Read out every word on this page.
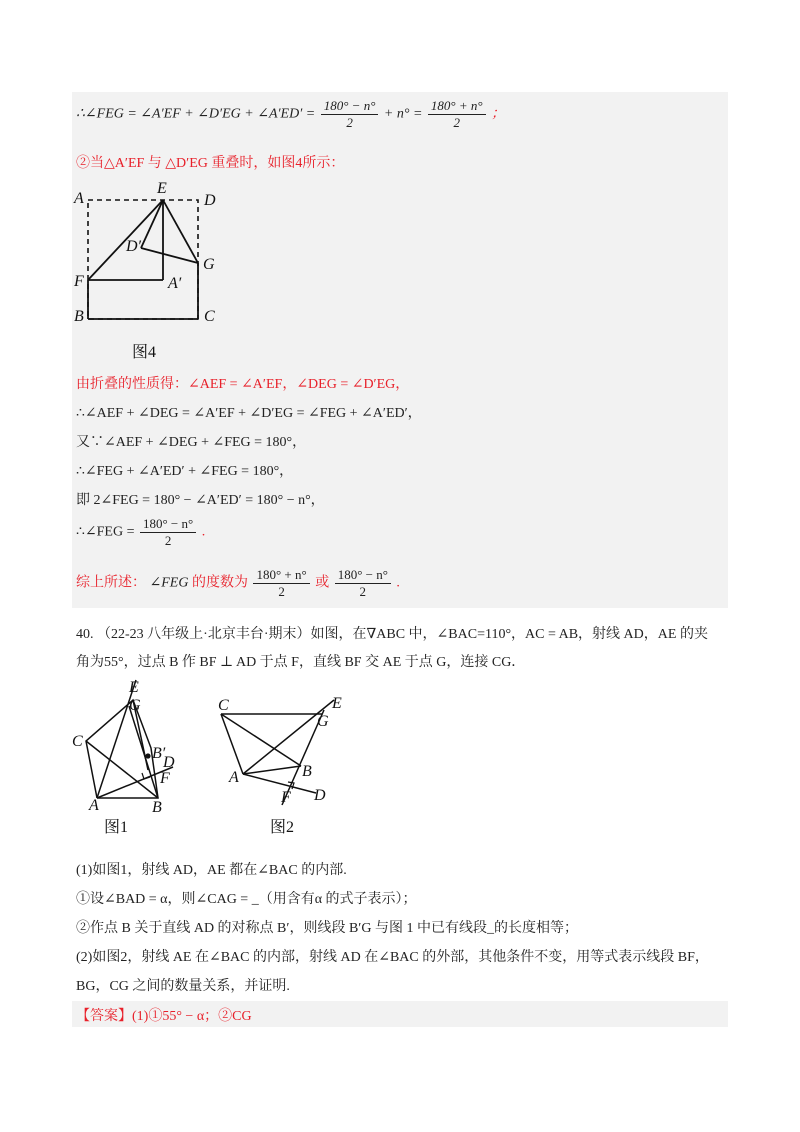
∴∠FEG = ∠A′EF + ∠D′EG + ∠A′ED′ = $\frac{180^\circ - n^\circ}{2} + n^\circ = \frac{180^\circ + n^\circ}{2}$ ；
②当△A′EF 与 △D′EG 重叠时，如图4所示：
A
E
D
D′
G
F	A′
B	C
图4
由折叠的性质得：∠AEF = ∠A′EF，∠DEG = ∠D′EG，
∴∠AEF + ∠DEG = ∠A′EF + ∠D′EG = ∠FEG + ∠A′ED′，
又∵∠AEF + ∠DEG + ∠FEG = 180°，
∴∠FEG + ∠A′ED′ + ∠FEG = 180°，
即 2∠FEG = 180° − ∠A′ED′ = 180° − n°，
∴∠FEG = $\frac{180^\circ - n^\circ}{2}$ .
综上所述： ∠FEG 的度数为 $\frac{180^\circ + n^\circ}{2}$ 或 $\frac{180^\circ - n^\circ}{2}$ .
40. （22-23 八年级上·北京丰台·期末）如图，在∇ABC 中，∠BAC=110°，AC = AB，射线 AD，AE 的夹
角为55°，过点 B 作 BF ⊥ AD 于点 F，直线 BF 交 AE 于点 G，连接 CG．
E
G
C
B′
D
F
A	B
图1
C
G
E
A	B
F D
图2
(1)如图1，射线 AD，AE 都在∠BAC 的内部.
①设∠BAD = α，则∠CAG = _（用含有α 的式子表示）；
②作点 B 关于直线 AD 的对称点 B′，则线段 B′G 与图 1 中已有线段_的长度相等；
(2)如图2，射线 AE 在∠BAC 的内部，射线 AD 在∠BAC 的外部，其他条件不变，用等式表示线段 BF，
BG，CG 之间的数量关系，并证明.
【答案】(1)①55° − α；②CG
